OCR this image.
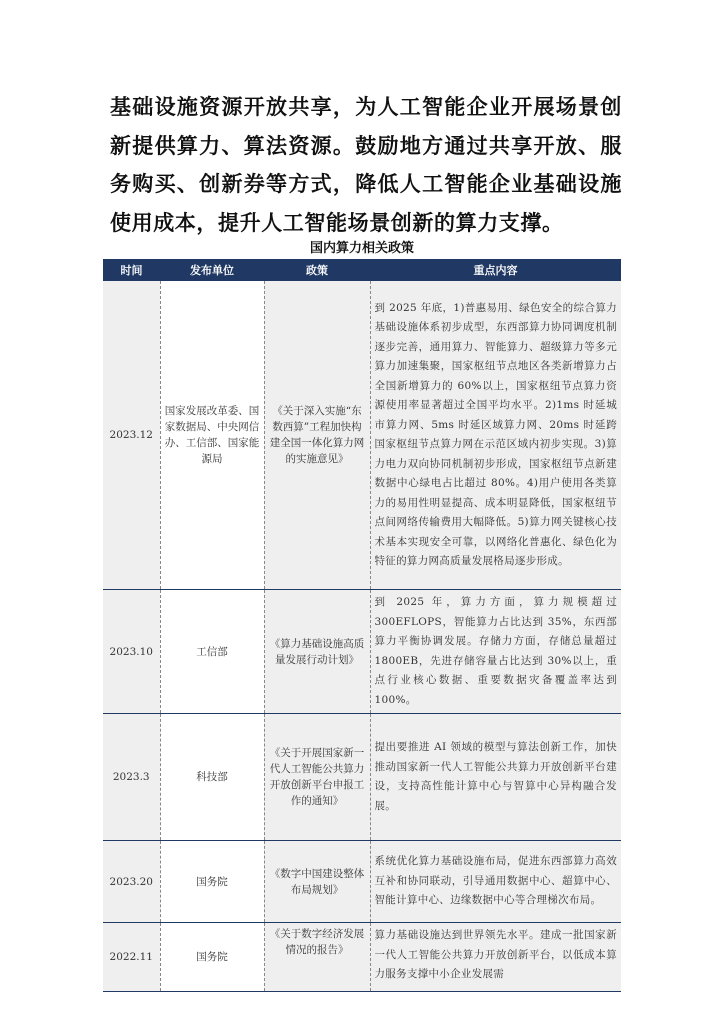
基础设施资源开放共享，为人工智能企业开展场景创新提供算力、算法资源。鼓励地方通过共享开放、服务购买、创新券等方式，降低人工智能企业基础设施使用成本，提升人工智能场景创新的算力支撑。
国内算力相关政策
时间	发布单位	政策	重点内容
2023.12	国家发展改革委、国家数据局、中央网信办、工信部、国家能源局	《关于深入实施“东数西算”工程加快构建全国一体化算力网的实施意见》	到 2025 年底，1)普惠易用、绿色安全的综合算力基础设施体系初步成型，东西部算力协同调度机制逐步完善，通用算力、智能算力、超级算力等多元算力加速集聚，国家枢纽节点地区各类新增算力占全国新增算力的 60%以上，国家枢纽节点算力资源使用率显著超过全国平均水平。2)1ms 时延城市算力网、5ms 时延区域算力网、20ms 时延跨国家枢纽节点算力网在示范区域内初步实现。3)算力电力双向协同机制初步形成，国家枢纽节点新建数据中心绿电占比超过 80%。4)用户使用各类算力的易用性明显提高、成本明显降低，国家枢纽节点间网络传输费用大幅降低。5)算力网关键核心技术基本实现安全可靠，以网络化普惠化、绿色化为特征的算力网高质量发展格局逐步形成。
2023.10	工信部	《算力基础设施高质量发展行动计划》	到 2025 年，算力方面，算力规模超过 300EFLOPS，智能算力占比达到 35%，东西部算力平衡协调发展。存储力方面，存储总量超过 1800EB，先进存储容量占比达到 30%以上，重点行业核心数据、重要数据灾备覆盖率达到 100%。
2023.3	科技部	《关于开展国家新一代人工智能公共算力开放创新平台申报工作的通知》	提出要推进 AI 领域的模型与算法创新工作，加快推动国家新一代人工智能公共算力开放创新平台建设，支持高性能计算中心与智算中心异构融合发展。
2023.20	国务院	《数字中国建设整体布局规划》	系统优化算力基础设施布局，促进东西部算力高效互补和协同联动，引导通用数据中心、超算中心、智能计算中心、边缘数据中心等合理梯次布局。
2022.11	国务院	《关于数字经济发展情况的报告》	算力基础设施达到世界领先水平。建成一批国家新一代人工智能公共算力开放创新平台，以低成本算力服务支撑中小企业发展需
